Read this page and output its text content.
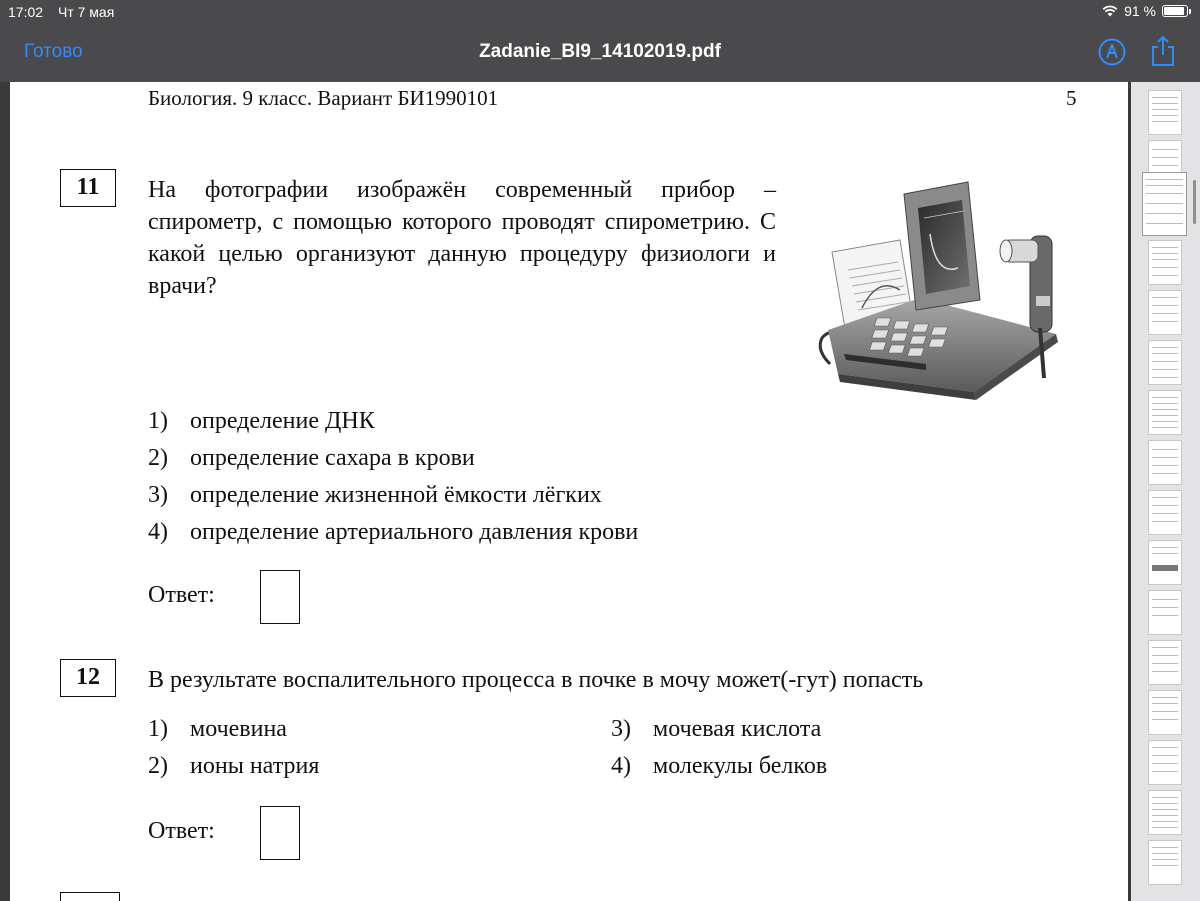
17:02 Чт 7 мая	91 %
Готово	Zadanie_BI9_14102019.pdf
Биология. 9 класс. Вариант БИ1990101	5
11	На фотографии изображён современный прибор – спирометр, с помощью которого проводят спирометрию. С какой целью организуют данную процедуру физиологи и врачи?
1) определение ДНК
2) определение сахара в крови
3) определение жизненной ёмкости лёгких
4) определение артериального давления крови
Ответ:
12	В результате воспалительного процесса в почке в мочу может(-гут) попасть
1) мочевина
2) ионы натрия
3) мочевая кислота
4) молекулы белков
Ответ:
